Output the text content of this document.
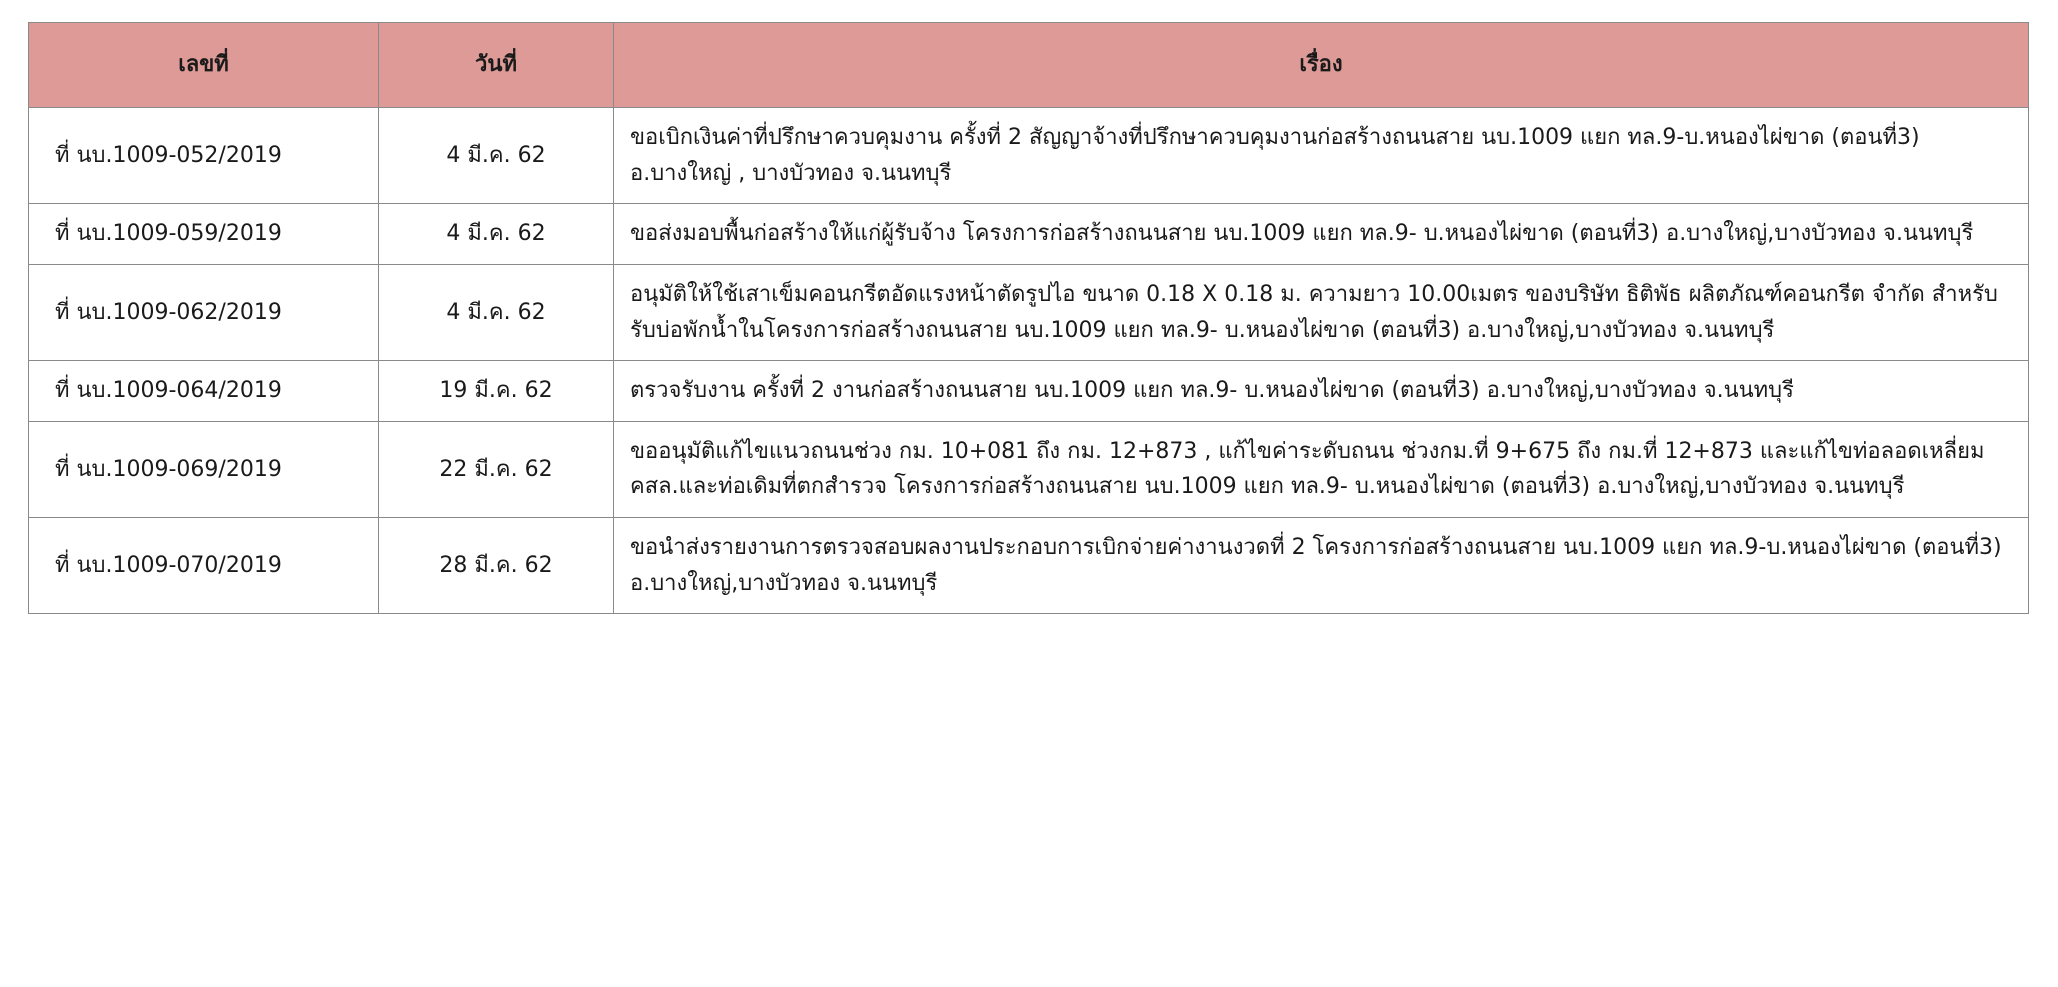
เลขที่	วันที่	เรื่อง
ที่ นบ.1009-052/2019	4 มี.ค. 62	ขอเบิกเงินค่าที่ปรึกษาควบคุมงาน ครั้งที่ 2 สัญญาจ้างที่ปรึกษาควบคุมงานก่อสร้างถนนสาย นบ.1009 แยก ทล.9-บ.หนองไผ่ขาด (ตอนที่3) อ.บางใหญ่ , บางบัวทอง จ.นนทบุรี
ที่ นบ.1009-059/2019	4 มี.ค. 62	ขอส่งมอบพื้นก่อสร้างให้แก่ผู้รับจ้าง โครงการก่อสร้างถนนสาย นบ.1009 แยก ทล.9- บ.หนองไผ่ขาด (ตอนที่3) อ.บางใหญ่,บางบัวทอง จ.นนทบุรี
ที่ นบ.1009-062/2019	4 มี.ค. 62	อนุมัติให้ใช้เสาเข็มคอนกรีตอัดแรงหน้าตัดรูปไอ ขนาด 0.18 X 0.18 ม. ความยาว 10.00เมตร ของบริษัท ธิติพัธ ผลิตภัณฑ์คอนกรีต จำกัด สำหรับรับบ่อพักน้ำในโครงการก่อสร้างถนนสาย นบ.1009 แยก ทล.9- บ.หนองไผ่ขาด (ตอนที่3) อ.บางใหญ่,บางบัวทอง จ.นนทบุรี
ที่ นบ.1009-064/2019	19 มี.ค. 62	ตรวจรับงาน ครั้งที่ 2 งานก่อสร้างถนนสาย นบ.1009 แยก ทล.9- บ.หนองไผ่ขาด (ตอนที่3) อ.บางใหญ่,บางบัวทอง จ.นนทบุรี
ที่ นบ.1009-069/2019	22 มี.ค. 62	ขออนุมัติแก้ไขแนวถนนช่วง กม. 10+081 ถึง กม. 12+873 , แก้ไขค่าระดับถนน ช่วงกม.ที่ 9+675 ถึง กม.ที่ 12+873 และแก้ไขท่อลอดเหลี่ยม คสล.และท่อเดิมที่ตกสำรวจ โครงการก่อสร้างถนนสาย นบ.1009 แยก ทล.9- บ.หนองไผ่ขาด (ตอนที่3) อ.บางใหญ่,บางบัวทอง จ.นนทบุรี
ที่ นบ.1009-070/2019	28 มี.ค. 62	ขอนำส่งรายงานการตรวจสอบผลงานประกอบการเบิกจ่ายค่างานงวดที่ 2 โครงการก่อสร้างถนนสาย นบ.1009 แยก ทล.9-บ.หนองไผ่ขาด (ตอนที่3) อ.บางใหญ่,บางบัวทอง จ.นนทบุรี
